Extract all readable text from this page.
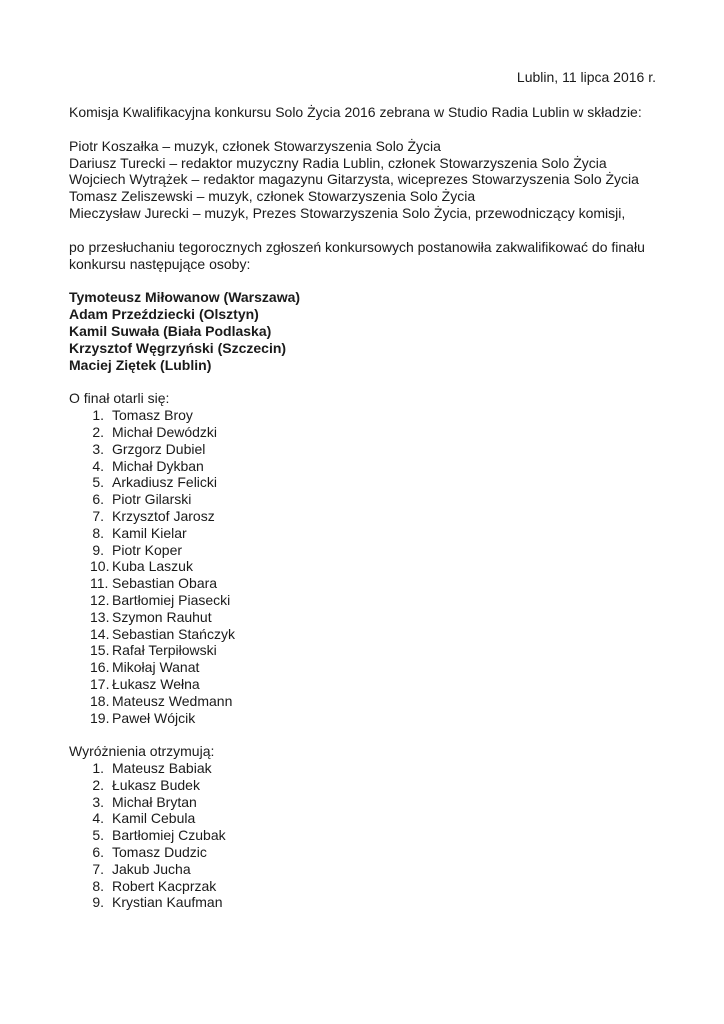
Lublin, 11 lipca 2016 r.

Komisja Kwalifikacyjna konkursu Solo Życia 2016 zebrana w Studio Radia Lublin w składzie:

Piotr Koszałka – muzyk, członek Stowarzyszenia Solo Życia
Dariusz Turecki – redaktor muzyczny Radia Lublin, członek Stowarzyszenia Solo Życia
Wojciech Wytrążek – redaktor magazynu Gitarzysta, wiceprezes Stowarzyszenia Solo Życia
Tomasz Zeliszewski – muzyk, członek Stowarzyszenia Solo Życia
Mieczysław Jurecki – muzyk, Prezes Stowarzyszenia Solo Życia, przewodniczący komisji,

po przesłuchaniu tegorocznych zgłoszeń konkursowych postanowiła zakwalifikować do finału konkursu następujące osoby:

Tymoteusz Miłowanow (Warszawa)
Adam Przeździecki (Olsztyn)
Kamil Suwała (Biała Podlaska)
Krzysztof Węgrzyński (Szczecin)
Maciej Ziętek (Lublin)

O finał otarli się:

1. Tomasz Broy
2. Michał Dewódzki
3. Grzgorz Dubiel
4. Michał Dykban
5. Arkadiusz Felicki
6. Piotr Gilarski
7. Krzysztof Jarosz
8. Kamil Kielar
9. Piotr Koper
10. Kuba Laszuk
11. Sebastian Obara
12. Bartłomiej Piasecki
13. Szymon Rauhut
14. Sebastian Stańczyk
15. Rafał Terpiłowski
16. Mikołaj Wanat
17. Łukasz Wełna
18. Mateusz Wedmann
19. Paweł Wójcik

Wyróżnienia otrzymują:

1. Mateusz Babiak
2. Łukasz Budek
3. Michał Brytan
4. Kamil Cebula
5. Bartłomiej Czubak
6. Tomasz Dudzic
7. Jakub Jucha
8. Robert Kacprzak
9. Krystian Kaufman
